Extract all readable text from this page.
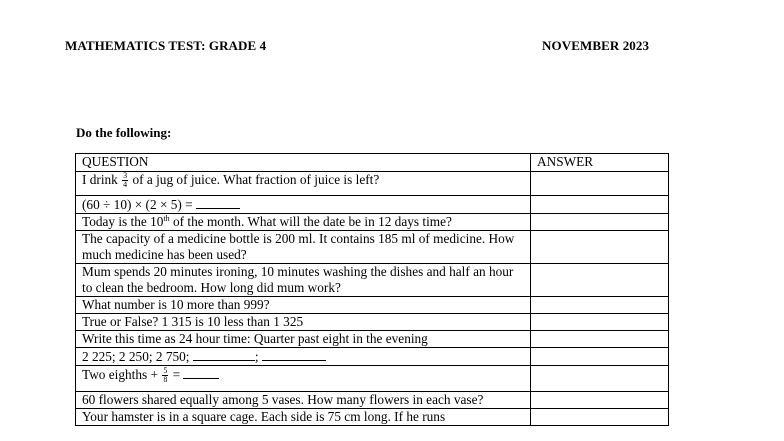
MATHEMATICS TEST: GRADE 4	NOVEMBER 2023
Do the following:
QUESTION	ANSWER
I drink $\frac{3}{4}$ of a jug of juice. What fraction of juice is left?	
(60 ÷ 10) × (2 × 5) =	
Today is the 10th of the month. What will the date be in 12 days time?	
The capacity of a medicine bottle is 200 ml. It contains 185 ml of medicine. How much medicine has been used?	
Mum spends 20 minutes ironing, 10 minutes washing the dishes and half an hour to clean the bedroom. How long did mum work?	
What number is 10 more than 999?	
True or False? 1 315 is 10 less than 1 325	
Write this time as 24 hour time: Quarter past eight in the evening	
2 225; 2 250; 2 750; ;	
Two eighths + $\frac{5}{8}$ =	
60 flowers shared equally among 5 vases. How many flowers in each vase?	
Your hamster is in a square cage. Each side is 75 cm long. If he runs	
